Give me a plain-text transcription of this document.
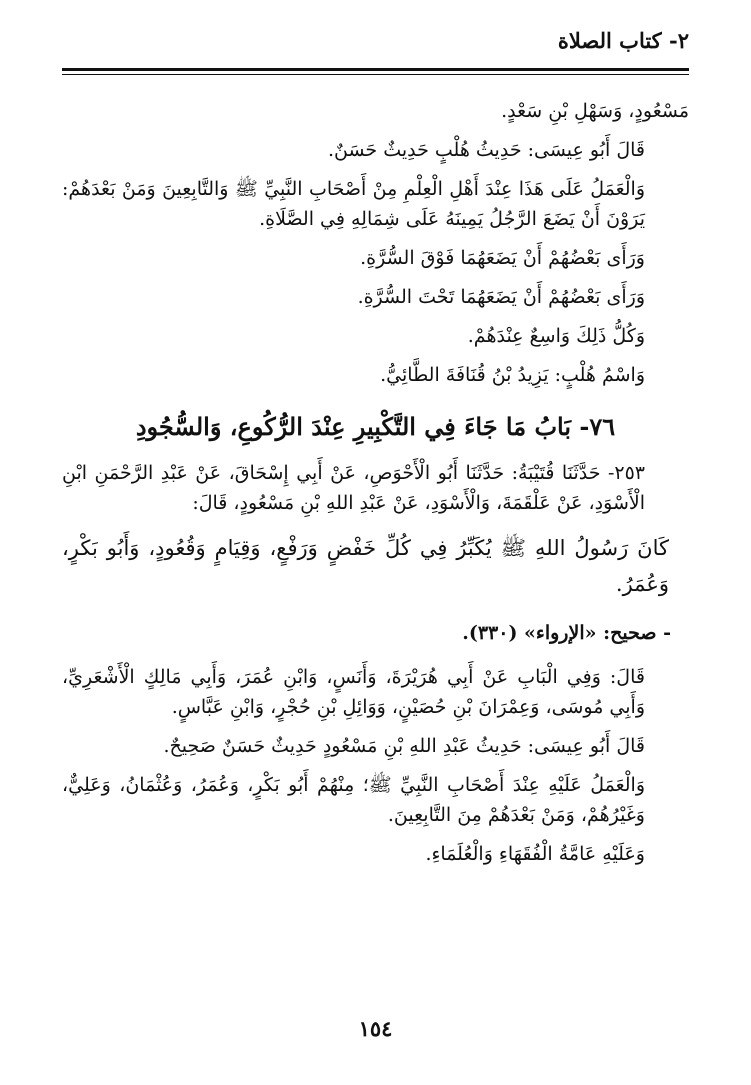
٢- كتاب الصلاة

مَسْعُودٍ، وَسَهْلِ بْنِ سَعْدٍ.

قَالَ أَبُو عِيسَى: حَدِيثُ هُلْبٍ حَدِيثٌ حَسَنٌ.

وَالْعَمَلُ عَلَى هَذَا عِنْدَ أَهْلِ الْعِلْمِ مِنْ أَصْحَابِ النَّبِيِّ ﷺ وَالتَّابِعِينَ وَمَنْ بَعْدَهُمْ: يَرَوْنَ أَنْ يَضَعَ الرَّجُلُ يَمِينَهُ عَلَى شِمَالِهِ فِي الصَّلَاةِ.

وَرَأَى بَعْضُهُمْ أَنْ يَضَعَهُمَا فَوْقَ السُّرَّةِ.

وَرَأَى بَعْضُهُمْ أَنْ يَضَعَهُمَا تَحْتَ السُّرَّةِ.

وَكُلُّ ذَلِكَ وَاسِعٌ عِنْدَهُمْ.

وَاسْمُ هُلْبٍ: يَزِيدُ بْنُ قُنَافَةَ الطَّائِيُّ.

٧٦- بَابُ مَا جَاءَ فِي التَّكْبِيرِ عِنْدَ الرُّكُوعِ، وَالسُّجُودِ

٢٥٣- حَدَّثَنَا قُتَيْبَةُ: حَدَّثَنَا أَبُو الْأَحْوَصِ، عَنْ أَبِي إِسْحَاقَ، عَنْ عَبْدِ الرَّحْمَنِ ابْنِ الْأَسْوَدِ، عَنْ عَلْقَمَةَ، وَالْأَسْوَدِ، عَنْ عَبْدِ اللهِ بْنِ مَسْعُودٍ، قَالَ:

كَانَ رَسُولُ اللهِ ﷺ يُكَبِّرُ فِي كُلِّ خَفْضٍ وَرَفْعٍ، وَقِيَامٍ وَقُعُودٍ، وَأَبُو بَكْرٍ، وَعُمَرُ.

- صحيح: «الإرواء» (٣٣٠).

قَالَ: وَفِي الْبَابِ عَنْ أَبِي هُرَيْرَةَ، وَأَنَسٍ، وَابْنِ عُمَرَ، وَأَبِي مَالِكٍ الْأَشْعَرِيِّ، وَأَبِي مُوسَى، وَعِمْرَانَ بْنِ حُصَيْنٍ، وَوَائِلِ بْنِ حُجْرٍ، وَابْنِ عَبَّاسٍ.

قَالَ أَبُو عِيسَى: حَدِيثُ عَبْدِ اللهِ بْنِ مَسْعُودٍ حَدِيثٌ حَسَنٌ صَحِيحٌ.

وَالْعَمَلُ عَلَيْهِ عِنْدَ أَصْحَابِ النَّبِيِّ ﷺ؛ مِنْهُمْ أَبُو بَكْرٍ، وَعُمَرُ، وَعُثْمَانُ، وَعَلِيٌّ، وَغَيْرُهُمْ، وَمَنْ بَعْدَهُمْ مِنَ التَّابِعِينَ.

وَعَلَيْهِ عَامَّةُ الْفُقَهَاءِ وَالْعُلَمَاءِ.

١٥٤
